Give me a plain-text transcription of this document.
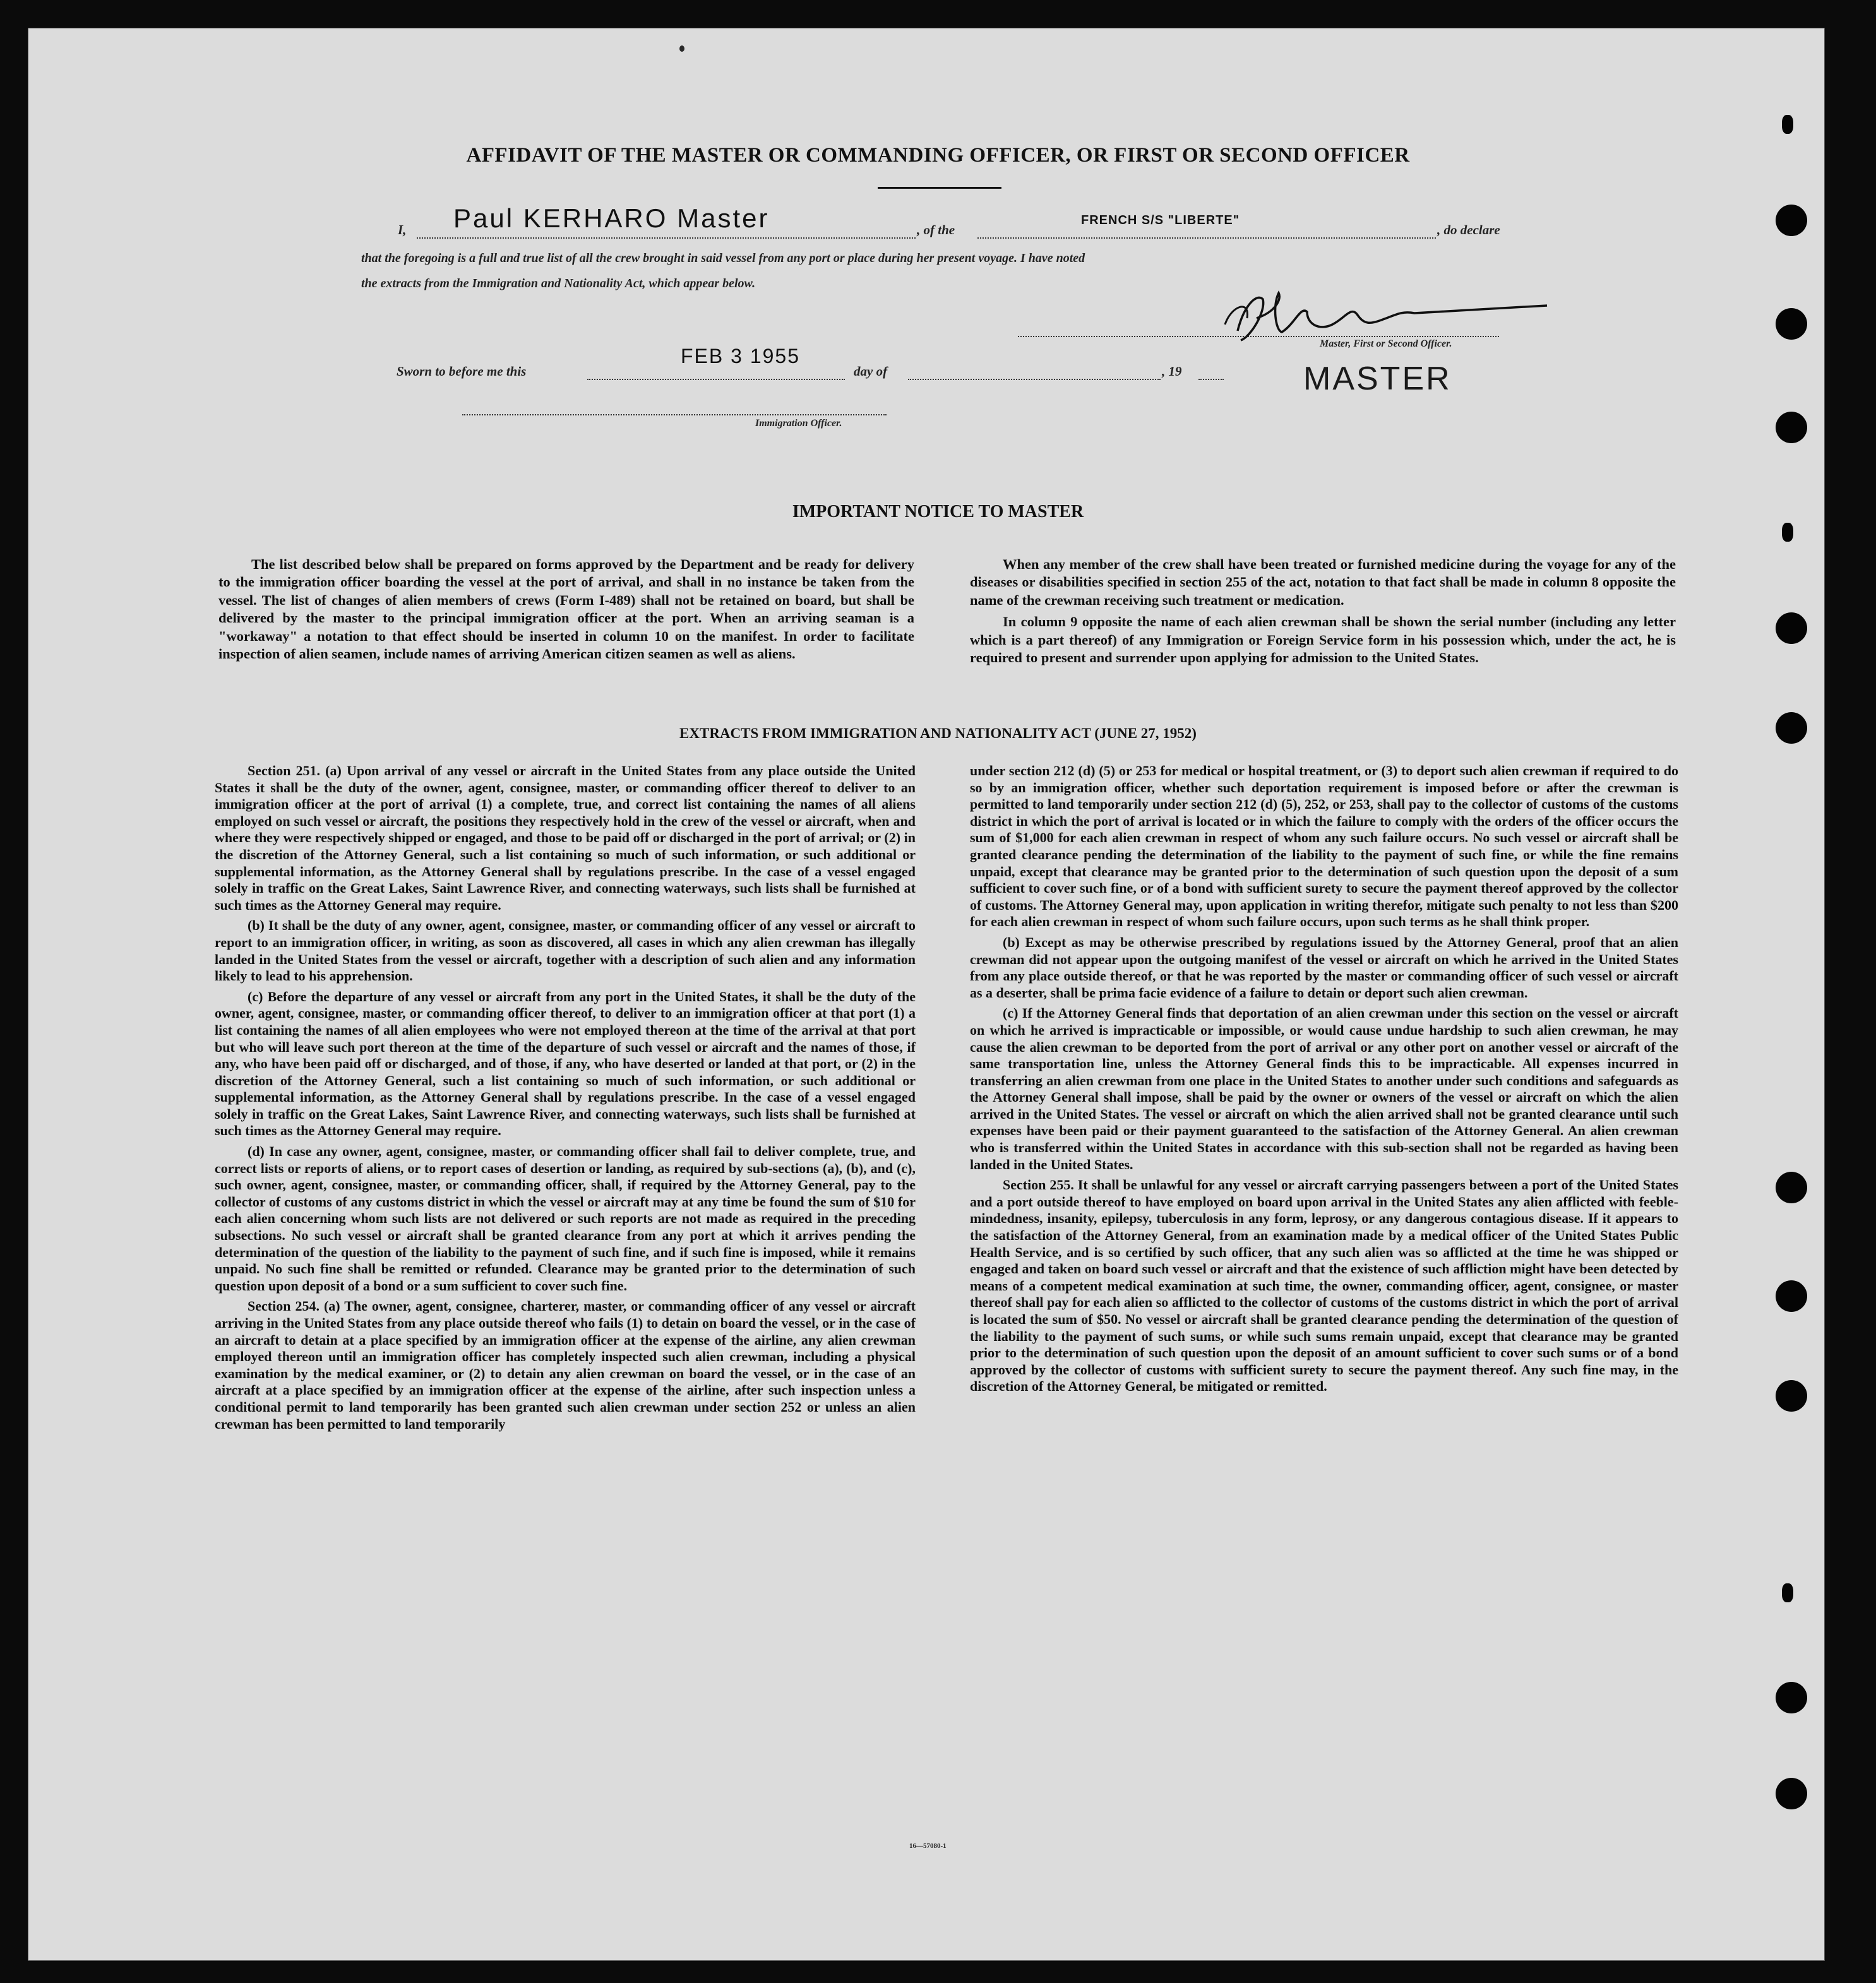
AFFIDAVIT OF THE MASTER OR COMMANDING OFFICER, OR FIRST OR SECOND OFFICER
I, Paul KERHARO Master	, of the
FRENCH S/S "LIBERTE"
, do declare
that the foregoing is a full and true list of all the crew brought in said vessel from any port or place during her present voyage. I have noted
the extracts from the Immigration and Nationality Act, which appear below.
Master, First or Second Officer.
Sworn to before me this
FEB 3 1955
day of	, 19	MASTER
Immigration Officer.
IMPORTANT NOTICE TO MASTER

The list described below shall be prepared on forms approved by the Department and be ready for delivery to the immigration officer boarding the vessel at the port of arrival, and shall in no instance be taken from the vessel. The list of changes of alien members of crews (Form I-489) shall not be retained on board, but shall be delivered by the master to the principal immigration officer at the port. When an arriving seaman is a "workaway" a notation to that effect should be inserted in column 10 on the manifest. In order to facilitate inspection of alien seamen, include names of arriving American citizen seamen as well as aliens.

When any member of the crew shall have been treated or furnished medicine during the voyage for any of the diseases or disabilities specified in section 255 of the act, notation to that fact shall be made in column 8 opposite the name of the crewman receiving such treatment or medication.

In column 9 opposite the name of each alien crewman shall be shown the serial number (including any letter which is a part thereof) of any Immigration or Foreign Service form in his possession which, under the act, he is required to present and surrender upon applying for admission to the United States.

EXTRACTS FROM IMMIGRATION AND NATIONALITY ACT (JUNE 27, 1952)

Section 251. (a) Upon arrival of any vessel or aircraft in the United States from any place outside the United States it shall be the duty of the owner, agent, consignee, master, or commanding officer thereof to deliver to an immigration officer at the port of arrival (1) a complete, true, and correct list containing the names of all aliens employed on such vessel or aircraft, the positions they respectively hold in the crew of the vessel or aircraft, when and where they were respectively shipped or engaged, and those to be paid off or discharged in the port of arrival; or (2) in the discretion of the Attorney General, such a list containing so much of such information, or such additional or supplemental information, as the Attorney General shall by regulations prescribe. In the case of a vessel engaged solely in traffic on the Great Lakes, Saint Lawrence River, and connecting waterways, such lists shall be furnished at such times as the Attorney General may require.

(b) It shall be the duty of any owner, agent, consignee, master, or commanding officer of any vessel or aircraft to report to an immigration officer, in writing, as soon as discovered, all cases in which any alien crewman has illegally landed in the United States from the vessel or aircraft, together with a description of such alien and any information likely to lead to his apprehension.

(c) Before the departure of any vessel or aircraft from any port in the United States, it shall be the duty of the owner, agent, consignee, master, or commanding officer thereof, to deliver to an immigration officer at that port (1) a list containing the names of all alien employees who were not employed thereon at the time of the arrival at that port but who will leave such port thereon at the time of the departure of such vessel or aircraft and the names of those, if any, who have been paid off or discharged, and of those, if any, who have deserted or landed at that port, or (2) in the discretion of the Attorney General, such a list containing so much of such information, or such additional or supplemental information, as the Attorney General shall by regulations prescribe. In the case of a vessel engaged solely in traffic on the Great Lakes, Saint Lawrence River, and connecting waterways, such lists shall be furnished at such times as the Attorney General may require.

(d) In case any owner, agent, consignee, master, or commanding officer shall fail to deliver complete, true, and correct lists or reports of aliens, or to report cases of desertion or landing, as required by sub-sections (a), (b), and (c), such owner, agent, consignee, master, or commanding officer, shall, if required by the Attorney General, pay to the collector of customs of any customs district in which the vessel or aircraft may at any time be found the sum of $10 for each alien concerning whom such lists are not delivered or such reports are not made as required in the preceding subsections. No such vessel or aircraft shall be granted clearance from any port at which it arrives pending the determination of the question of the liability to the payment of such fine, and if such fine is imposed, while it remains unpaid. No such fine shall be remitted or refunded. Clearance may be granted prior to the determination of such question upon deposit of a bond or a sum sufficient to cover such fine.

Section 254. (a) The owner, agent, consignee, charterer, master, or commanding officer of any vessel or aircraft arriving in the United States from any place outside thereof who fails (1) to detain on board the vessel, or in the case of an aircraft to detain at a place specified by an immigration officer at the expense of the airline, any alien crewman employed thereon until an immigration officer has completely inspected such alien crewman, including a physical examination by the medical examiner, or (2) to detain any alien crewman on board the vessel, or in the case of an aircraft at a place specified by an immigration officer at the expense of the airline, after such inspection unless a conditional permit to land temporarily has been granted such alien crewman under section 252 or unless an alien crewman has been permitted to land temporarily

under section 212 (d) (5) or 253 for medical or hospital treatment, or (3) to deport such alien crewman if required to do so by an immigration officer, whether such deportation requirement is imposed before or after the crewman is permitted to land temporarily under section 212 (d) (5), 252, or 253, shall pay to the collector of customs of the customs district in which the port of arrival is located or in which the failure to comply with the orders of the officer occurs the sum of $1,000 for each alien crewman in respect of whom any such failure occurs. No such vessel or aircraft shall be granted clearance pending the determination of the liability to the payment of such fine, or while the fine remains unpaid, except that clearance may be granted prior to the determination of such question upon the deposit of a sum sufficient to cover such fine, or of a bond with sufficient surety to secure the payment thereof approved by the collector of customs. The Attorney General may, upon application in writing therefor, mitigate such penalty to not less than $200 for each alien crewman in respect of whom such failure occurs, upon such terms as he shall think proper.

(b) Except as may be otherwise prescribed by regulations issued by the Attorney General, proof that an alien crewman did not appear upon the outgoing manifest of the vessel or aircraft on which he arrived in the United States from any place outside thereof, or that he was reported by the master or commanding officer of such vessel or aircraft as a deserter, shall be prima facie evidence of a failure to detain or deport such alien crewman.

(c) If the Attorney General finds that deportation of an alien crewman under this section on the vessel or aircraft on which he arrived is impracticable or impossible, or would cause undue hardship to such alien crewman, he may cause the alien crewman to be deported from the port of arrival or any other port on another vessel or aircraft of the same transportation line, unless the Attorney General finds this to be impracticable. All expenses incurred in transferring an alien crewman from one place in the United States to another under such conditions and safeguards as the Attorney General shall impose, shall be paid by the owner or owners of the vessel or aircraft on which the alien arrived in the United States. The vessel or aircraft on which the alien arrived shall not be granted clearance until such expenses have been paid or their payment guaranteed to the satisfaction of the Attorney General. An alien crewman who is transferred within the United States in accordance with this sub-section shall not be regarded as having been landed in the United States.

Section 255. It shall be unlawful for any vessel or aircraft carrying passengers between a port of the United States and a port outside thereof to have employed on board upon arrival in the United States any alien afflicted with feeble-mindedness, insanity, epilepsy, tuberculosis in any form, leprosy, or any dangerous contagious disease. If it appears to the satisfaction of the Attorney General, from an examination made by a medical officer of the United States Public Health Service, and is so certified by such officer, that any such alien was so afflicted at the time he was shipped or engaged and taken on board such vessel or aircraft and that the existence of such affliction might have been detected by means of a competent medical examination at such time, the owner, commanding officer, agent, consignee, or master thereof shall pay for each alien so afflicted to the collector of customs of the customs district in which the port of arrival is located the sum of $50. No vessel or aircraft shall be granted clearance pending the determination of the question of the liability to the payment of such sums, or while such sums remain unpaid, except that clearance may be granted prior to the determination of such question upon the deposit of an amount sufficient to cover such sums or of a bond approved by the collector of customs with sufficient surety to secure the payment thereof. Any such fine may, in the discretion of the Attorney General, be mitigated or remitted.

16—57080-1
